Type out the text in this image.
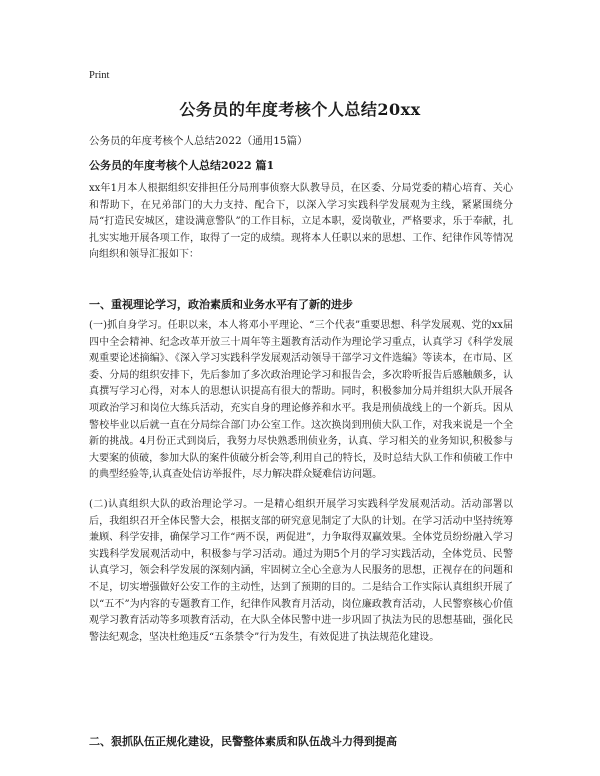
Print
公务员的年度考核个人总结20xx

公务员的年度考核个人总结2022（通用15篇）

公务员的年度考核个人总结2022 篇1

xx年1月本人根据组织安排担任分局刑事侦察大队教导员，在区委、分局党委的精心培育、关心和帮助下，在兄弟部门的大力支持、配合下，以深入学习实践科学发展观为主线，紧紧围绕分局“打造民安城区，建设满意警队”的工作目标，立足本职，爱岗敬业，严格要求，乐于奉献，扎扎实实地开展各项工作，取得了一定的成绩。现将本人任职以来的思想、工作、纪律作风等情况向组织和领导汇报如下：

一、重视理论学习，政治素质和业务水平有了新的进步

(一)抓自身学习。任职以来，本人将邓小平理论、“三个代表”重要思想、科学发展观、党的xx届四中全会精神、纪念改革开放三十周年等主题教育活动作为理论学习重点，认真学习《科学发展观重要论述摘编》、《深入学习实践科学发展观活动领导干部学习文件选编》等读本，在市局、区委、分局的组织安排下，先后参加了多次政治理论学习和报告会，多次聆听报告后感触颇多，认真撰写学习心得，对本人的思想认识提高有很大的帮助。同时，积极参加分局并组织大队开展各项政治学习和岗位大练兵活动，充实自身的理论修养和水平。我是刑侦战线上的一个新兵。因从警校毕业以后就一直在分局综合部门办公室工作。这次换岗到刑侦大队工作，对我来说是一个全新的挑战。4月份正式到岗后，我努力尽快熟悉刑侦业务，认真、学习相关的业务知识,积极参与大要案的侦破，参加大队的案件侦破分析会等,利用自己的特长，及时总结大队工作和侦破工作中的典型经验等,认真查处信访举报件，尽力解决群众疑难信访问题。

(二)认真组织大队的政治理论学习。一是精心组织开展学习实践科学发展观活动。活动部署以后，我组织召开全体民警大会，根据支部的研究意见制定了大队的计划。在学习活动中坚持统筹兼顾、科学安排，确保学习工作“两不误，两促进”，力争取得双赢效果。全体党员纷纷融入学习实践科学发展观活动中，积极参与学习活动。通过为期5个月的学习实践活动，全体党员、民警认真学习，领会科学发展的深刻内涵，牢固树立全心全意为人民服务的思想，正视存在的问题和不足，切实增强做好公安工作的主动性，达到了预期的目的。二是结合工作实际认真组织开展了以“五不”为内容的专题教育工作，纪律作风教育月活动，岗位廉政教育活动，人民警察核心价值观学习教育活动等多项教育活动，在大队全体民警中进一步巩固了执法为民的思想基础，强化民警法纪观念，坚决杜绝违反“五条禁令”行为发生，有效促进了执法规范化建设。

二、狠抓队伍正规化建设，民警整体素质和队伍战斗力得到提高
